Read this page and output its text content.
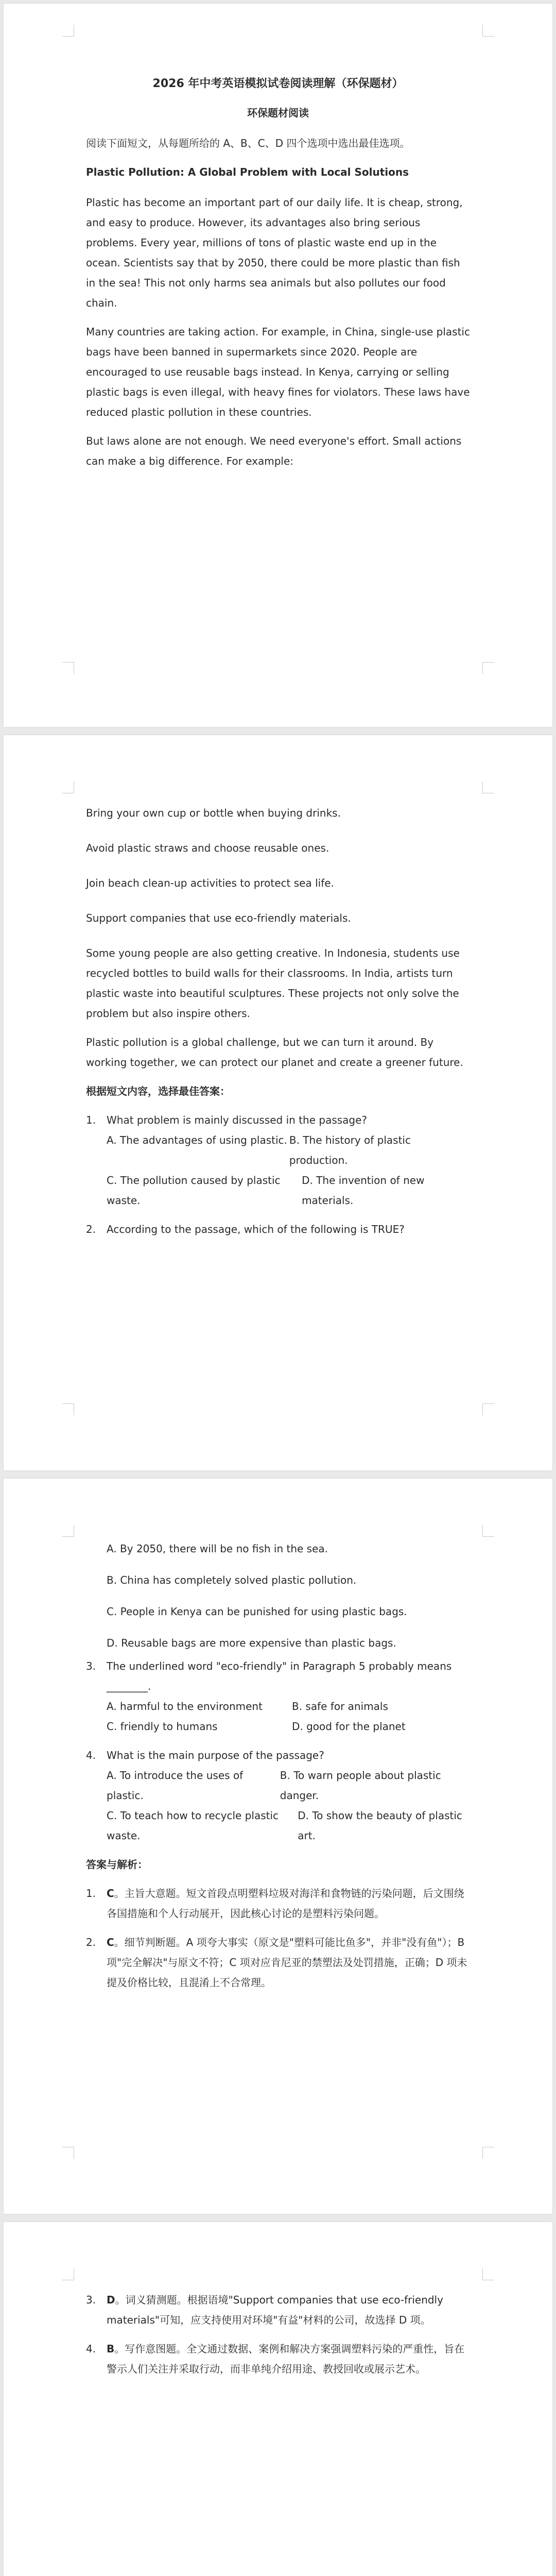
2026 年中考英语模拟试卷阅读理解（环保题材）

环保题材阅读

阅读下面短文，从每题所给的 A、B、C、D 四个选项中选出最佳选项。

Plastic Pollution: A Global Problem with Local Solutions

Plastic has become an important part of our daily life. It is cheap, strong, and easy to produce. However, its advantages also bring serious problems. Every year, millions of tons of plastic waste end up in the ocean. Scientists say that by 2050, there could be more plastic than fish in the sea! This not only harms sea animals but also pollutes our food chain.

Many countries are taking action. For example, in China, single-use plastic bags have been banned in supermarkets since 2020. People are encouraged to use reusable bags instead. In Kenya, carrying or selling plastic bags is even illegal, with heavy fines for violators. These laws have reduced plastic pollution in these countries.

But laws alone are not enough. We need everyone's effort. Small actions can make a big difference. For example:

Bring your own cup or bottle when buying drinks.

Avoid plastic straws and choose reusable ones.

Join beach clean-up activities to protect sea life.

Support companies that use eco-friendly materials.

Some young people are also getting creative. In Indonesia, students use recycled bottles to build walls for their classrooms. In India, artists turn plastic waste into beautiful sculptures. These projects not only solve the problem but also inspire others.

Plastic pollution is a global challenge, but we can turn it around. By working together, we can protect our planet and create a greener future.

根据短文内容，选择最佳答案：

1. What problem is mainly discussed in the passage?
A. The advantages of using plastic. B. The history of plastic production.
C. The pollution caused by plastic waste.
D. The invention of new materials.
2. According to the passage, which of the following is TRUE?
A. By 2050, there will be no fish in the sea.
B. China has completely solved plastic pollution.
C. People in Kenya can be punished for using plastic bags.
D. Reusable bags are more expensive than plastic bags.
3. The underlined word "eco-friendly" in Paragraph 5 probably means ________.
A. harmful to the environment	B. safe for animals
C. friendly to humans	D. good for the planet
4. What is the main purpose of the passage?
A. To introduce the uses of plastic.
B. To warn people about plastic danger.
C. To teach how to recycle plastic waste.
D. To show the beauty of plastic art.

答案与解析：

1. C。主旨大意题。短文首段点明塑料垃圾对海洋和食物链的污染问题，后文围绕各国措施和个人行动展开，因此核心讨论的是塑料污染问题。
2. C。细节判断题。A 项夸大事实（原文是"塑料可能比鱼多"，并非"没有鱼"）；B 项"完全解决"与原文不符；C 项对应肯尼亚的禁塑法及处罚措施，正确；D 项未提及价格比较，且混淆上不合常理。
3. D。词义猜测题。根据语境"Support companies that use eco-friendly materials"可知，应支持使用对环境"有益"材料的公司，故选择 D 项。
4. B。写作意图题。全文通过数据、案例和解决方案强调塑料污染的严重性，旨在警示人们关注并采取行动，而非单纯介绍用途、教授回收或展示艺术。
